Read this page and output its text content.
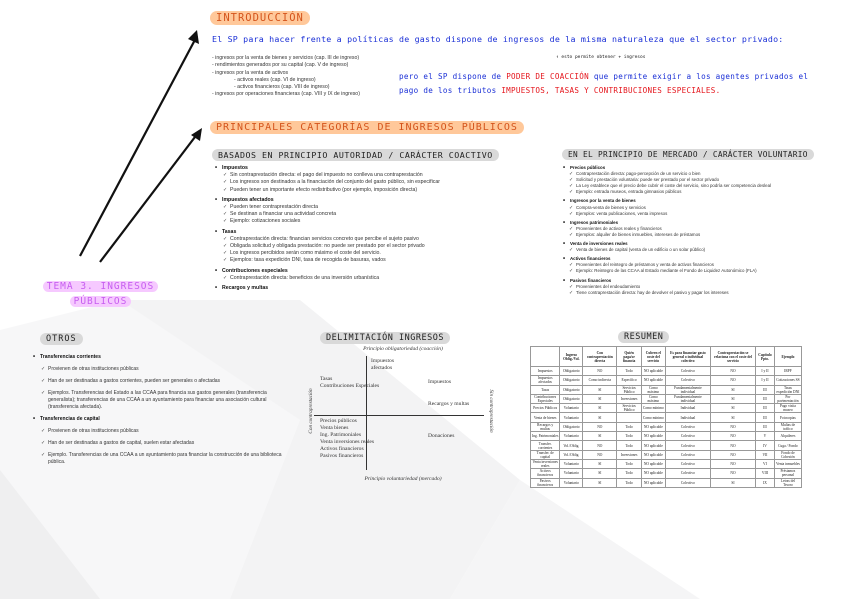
TEMA 3. INGRESOS
PÚBLICOS
INTRODUCCIÓN
El SP para hacer frente a políticas de gasto dispone de ingresos de la misma naturaleza que el sector privado:
- ingresos por la venta de bienes y servicios (cap. III de ingreso)
- rendimientos generados por su capital (cap. V de ingreso)
- ingresos por la venta de activos
- activos reales (cap. VI de ingreso)
- activos financieros (cap. VIII de ingreso)
- ingresos por operaciones financieras (cap. VIII y IX de ingreso)
↑ esto permite obtener + ingresos
pero el SP dispone de PODER DE COACCIÓN que permite exigir a los agentes privados el
pago de los tributos IMPUESTOS, TASAS Y CONTRIBUCIONES ESPECIALES.
PRINCIPALES CATEGORÍAS DE INGRESOS PÚBLICOS
BASADOS EN PRINCIPIO AUTORIDAD / CARÁCTER COACTIVO
• Impuestos
✓ Sin contraprestación directa: el pago del impuesto no conlleva una contraprestación
✓ Los ingresos son destinados a la financiación del conjunto del gasto público, sin especificar
✓ Pueden tener un importante efecto redistributivo (por ejemplo, imposición directa)
• Impuestos afectados
✓ Pueden tener contraprestación directa
✓ Se destinan a financiar una actividad concreta
✓ Ejemplo: cotizaciones sociales
• Tasas
✓ Contraprestación directa: financian servicios concreto que percibe el sujeto pasivo
✓ Obligada solicitud y obligada prestación: no puede ser prestado por el sector privado
✓ Los ingresos percibidos serán como máximo el coste del servicio.
✓ Ejemplos: tasa expedición DNI, tasa de recogida de basuras, vados
• Contribuciones especiales
✓ Contraprestación directa: beneficios de una inversión urbanística
• Recargos y multas
EN EL PRINCIPIO DE MERCADO / CARÁCTER VOLUNTARIO
• Precios públicos
✓ Contraprestación directa: pago-percepción de un servicio o bien
✓ Solicitud y prestación voluntaria: puede ser prestado por el sector privado
✓ La Ley establece que el precio debe cubrir el coste del servicio, sino podría ser competencia desleal
✓ Ejemplo: entrada museos, entrada gimnasios públicos
• Ingresos por la venta de bienes
✓ Compra-venta de bienes y servicios
✓ Ejemplos: venta publicaciones, venta impresos
• Ingresos patrimoniales
✓ Provenientes de activos reales y financieros
✓ Ejemplos: alquiler de bienes inmuebles, intereses de préstamos
• Venta de inversiones reales
✓ Venta de bienes de capital (venta de un edificio o un solar público)
• Activos financieros
✓ Provenientes del reintegro de préstamos y venta de activos financieros
✓ Ejemplo: Reintegro de las CCAA al Estado mediante el Fondo de Liquidez Autonómico (FLA)
• Pasivos financieros
✓ Provenientes del endeudamiento
✓ Tiene contraprestación directa: hay de devolver el pasivo y pagar los intereses
OTROS
• Transferencias corrientes
✓ Provienen de otras instituciones públicas
✓ Han de ser destinadas a gastos corrientes, pueden ser generales o afectadas
✓ Ejemplos. Transferencias del Estado a las CCAA para financia sus gastos generales (transferencia generalista); transferencias de una CCAA a un ayuntamiento para financiar una asociación cultural (transferencia afectada).
• Transferencias de capital
✓ Provienen de otras instituciones públicas
✓ Han de ser destinadas a gastos de capital, suelen estar afectadas
✓ Ejemplo. Transferencias de una CCAA a un ayuntamiento para financiar la construcción de una biblioteca pública.
DELIMITACIÓN INGRESOS
Principio obligatoriedad (coacción)
Principio voluntariedad (mercado)
Con contraprestación	Sin contraprestación
Tasas
Contribuciones Especiales
Impuestos
afectados
Impuestos
Recargos y multas
Precios públicos
Venta bienes
Ing. Patrimoniales
Venta inversiones reales
Activos financieros
Pasivos financieros
Donaciones
RESUMEN
	Ingreso Oblig./Vol.	Con contraprestación directa	Quién paga/se financia	Cubren el coste del servicio	Es para financiar gasto general o individual colectivo	Contraprestación se relaciona con el coste del servicio	Capítulo Ppto.	Ejemplo
Impuestos	Obligatorio	NO	Todo	NO aplicable	Colectivo	NO	I y II	IRPF
Impuestos afectados	Obligatorio	Como indirecta	Específico	NO aplicable	Colectivo	NO	I y II	Cotizaciones SS
Tasas	Obligatorio	SI	Servicios Público	Como máximo	Fundamentalmente individual	SI	III	Tasas expedición DNI
Contribuciones Especiales	Obligatorio	SI	Inversiones	Como máximo	Fundamentalmente individual	SI	III	Por pavimentación
Precios Públicos	Voluntario	SI	Servicios Público	Como mínimo	Individual	SI	III	Pago visita museo
Venta de bienes	Voluntario	SI		Como mínimo	Individual	SI	III	Fotocopias
Recargos y multas	Obligatorio	NO	Todo	NO aplicable	Colectivo	NO	III	Multas de tráfico
Ing. Patrimoniales	Voluntario	SI	Todo	NO aplicable	Colectivo	NO	V	Alquileres
Transfer. corrientes	Vol./Oblig.	NO	Todo	NO aplicable	Colectivo	NO	IV	Cuga / Fondo
Transfer. de capital	Vol./Oblig.	NO	Inversiones	NO aplicable	Colectivo	NO	VII	Fondo de Cohesión
Venta inversiones reales	Voluntario	SI	Todo	NO aplicable	Colectivo	NO	VI	Venta inmuebles
Activos financieros	Voluntario	SI	Todo	NO aplicable	Colectivo	NO	VIII	Préstamos personal
Pasivos financieros	Voluntario	SI	Todo	NO aplicable	Colectivo	SI	IX	Letras del Tesoro
